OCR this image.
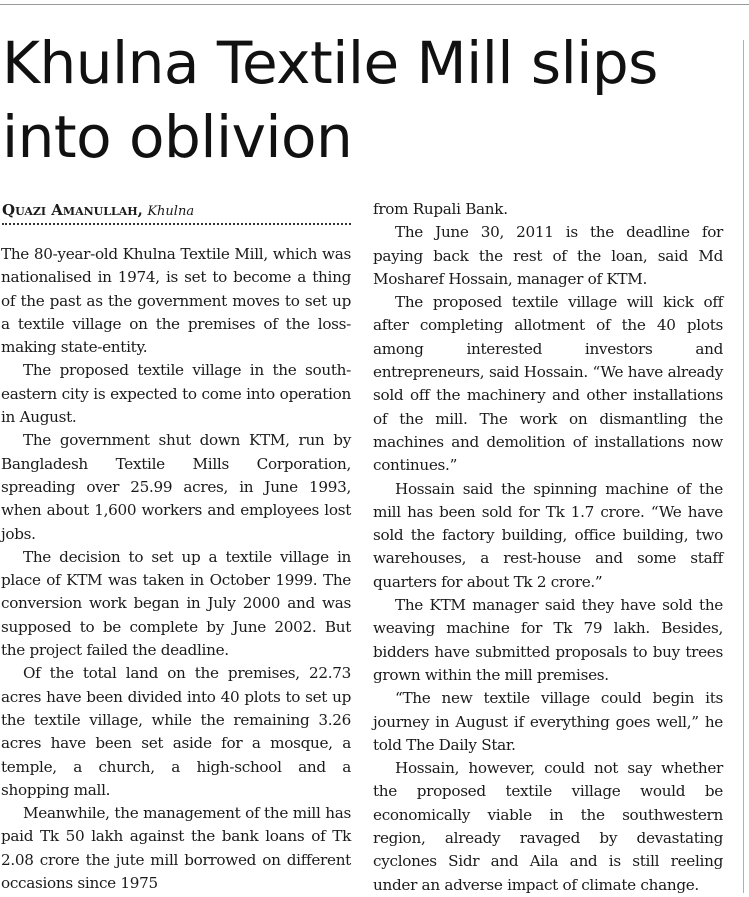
Khulna Textile Mill slips into oblivion
Quazi Amanullah, Khulna

The 80-year-old Khulna Textile Mill, which was nationalised in 1974, is set to become a thing of the past as the government moves to set up a textile village on the premises of the loss-making state-entity.

The proposed textile village in the south-eastern city is expected to come into operation in August.

The government shut down KTM, run by Bangladesh Textile Mills Corporation, spreading over 25.99 acres, in June 1993, when about 1,600 workers and employees lost jobs.

The decision to set up a textile village in place of KTM was taken in October 1999. The conversion work began in July 2000 and was supposed to be complete by June 2002. But the project failed the deadline.

Of the total land on the premises, 22.73 acres have been divided into 40 plots to set up the textile village, while the remaining 3.26 acres have been set aside for a mosque, a temple, a church, a high-school and a shopping mall.

Meanwhile, the management of the mill has paid Tk 50 lakh against the bank loans of Tk 2.08 crore the jute mill borrowed on different occasions since 1975

from Rupali Bank.

The June 30, 2011 is the deadline for paying back the rest of the loan, said Md Mosharef Hossain, manager of KTM.

The proposed textile village will kick off after completing allotment of the 40 plots among interested investors and entrepreneurs, said Hossain. “We have already sold off the machinery and other installations of the mill. The work on dismantling the machines and demolition of installations now continues.”

Hossain said the spinning machine of the mill has been sold for Tk 1.7 crore. “We have sold the factory building, office building, two warehouses, a rest-house and some staff quarters for about Tk 2 crore.”

The KTM manager said they have sold the weaving machine for Tk 79 lakh. Besides, bidders have submitted proposals to buy trees grown within the mill premises.

“The new textile village could begin its journey in August if everything goes well,” he told The Daily Star.

Hossain, however, could not say whether the proposed textile village would be economically viable in the southwestern region, already ravaged by devastating cyclones Sidr and Aila and is still reeling under an adverse impact of climate change.
